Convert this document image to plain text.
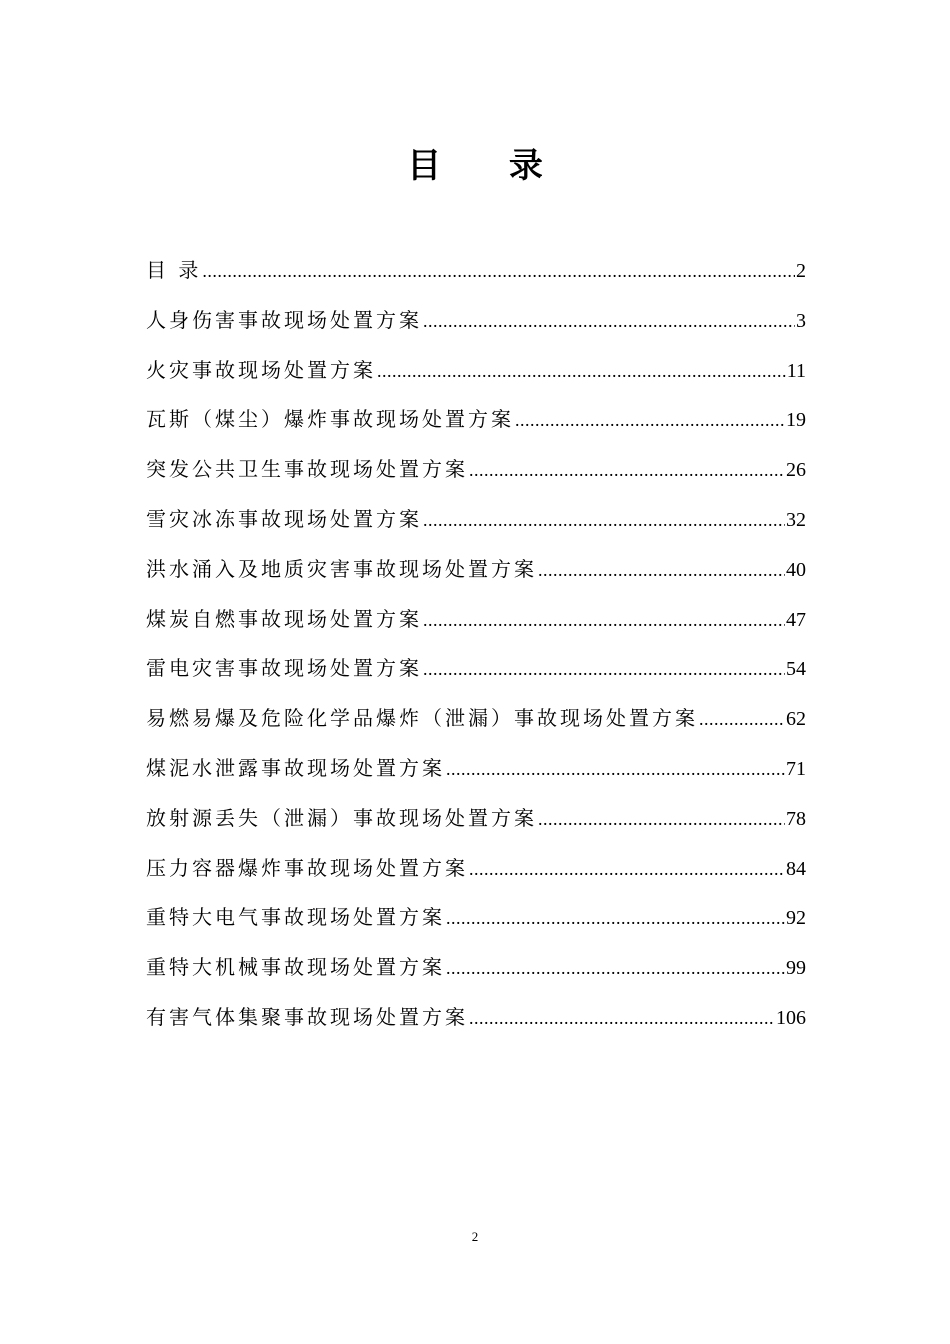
目 录
目 录 .....	2
人身伤害事故现场处置方案 .....	3
火灾事故现场处置方案 .....	11
瓦斯（煤尘）爆炸事故现场处置方案 .....	19
突发公共卫生事故现场处置方案 .....	26
雪灾冰冻事故现场处置方案 .....	32
洪水涌入及地质灾害事故现场处置方案 .....	40
煤炭自燃事故现场处置方案 .....	47
雷电灾害事故现场处置方案 .....	54
易燃易爆及危险化学品爆炸（泄漏）事故现场处置方案 .....	62
煤泥水泄露事故现场处置方案 .....	71
放射源丢失（泄漏）事故现场处置方案 .....	78
压力容器爆炸事故现场处置方案 .....	84
重特大电气事故现场处置方案 .....	92
重特大机械事故现场处置方案 .....	99
有害气体集聚事故现场处置方案 .....	106
2
